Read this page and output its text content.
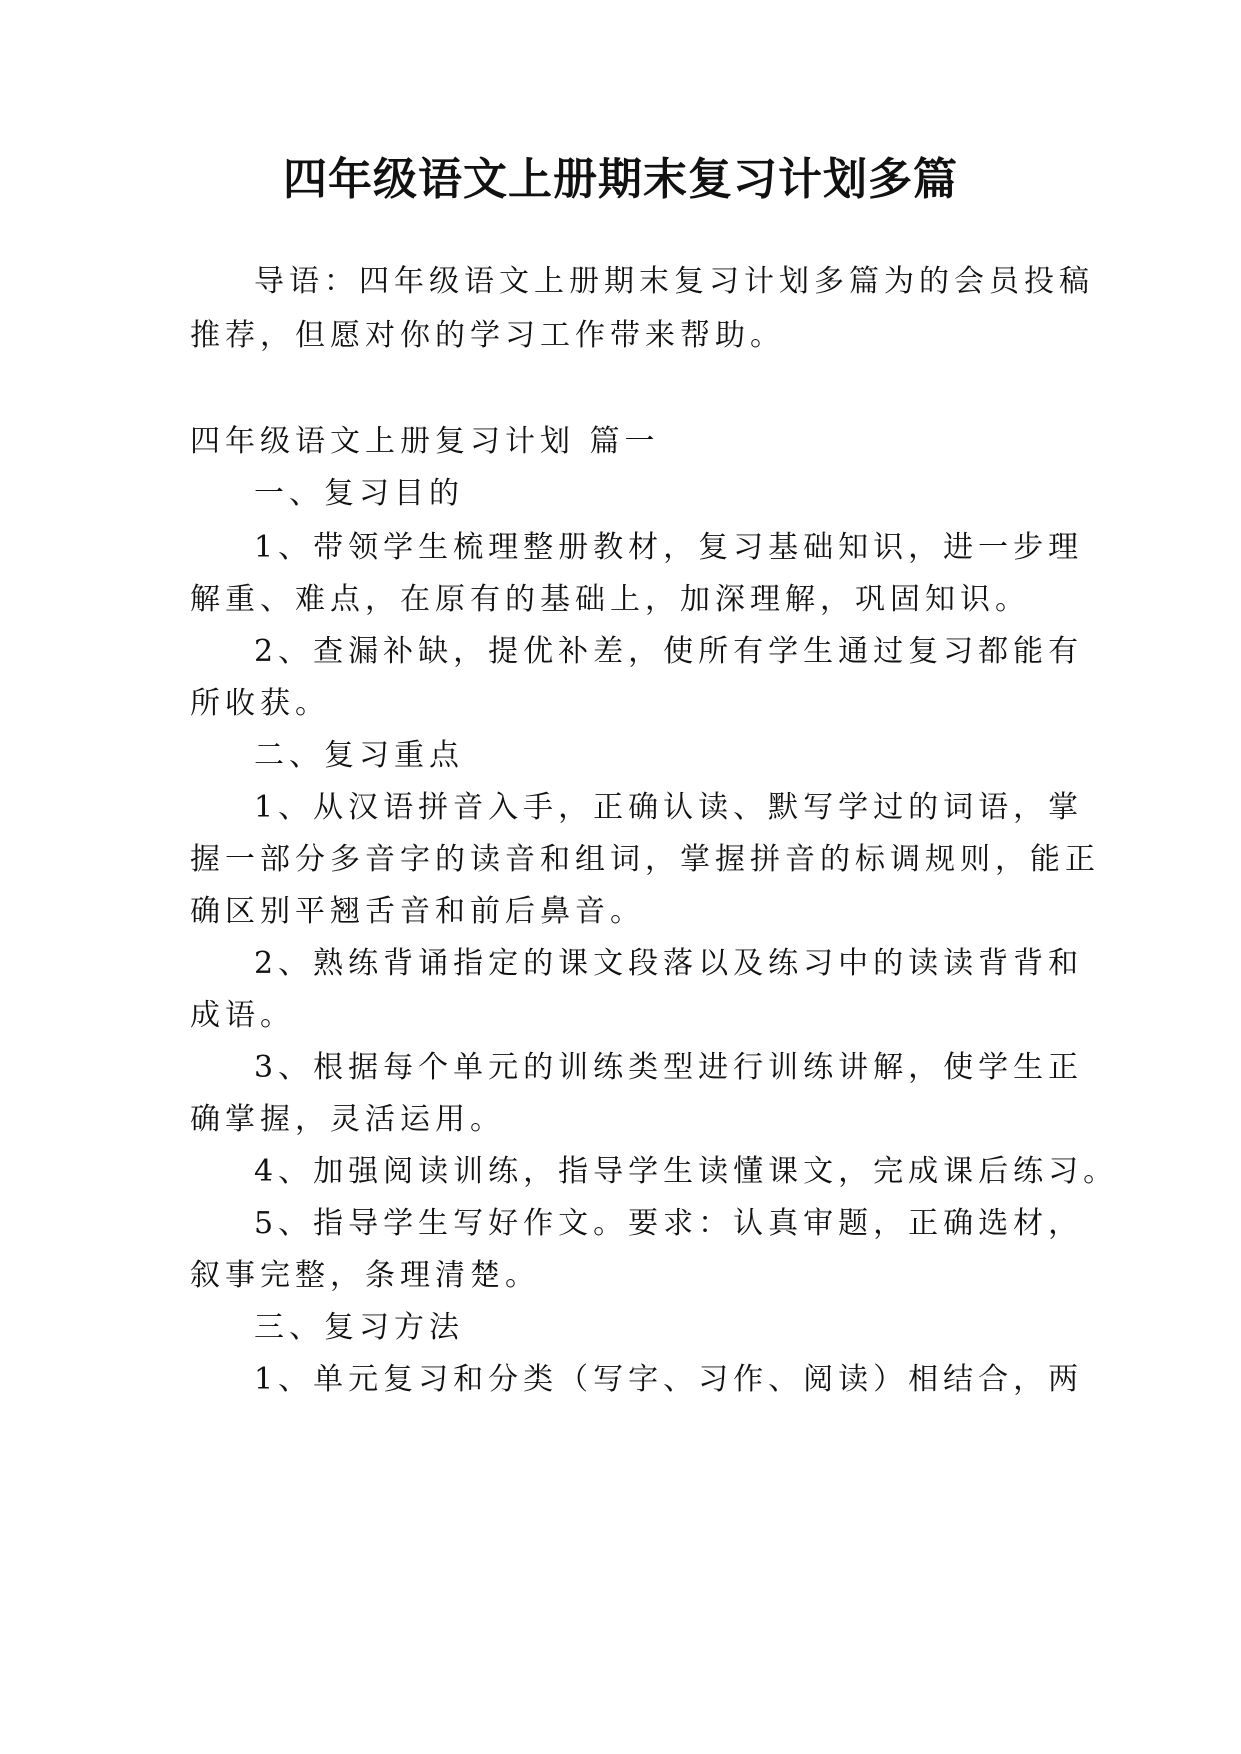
四年级语文上册期末复习计划多篇
导语：四年级语文上册期末复习计划多篇为的会员投稿
推荐，但愿对你的学习工作带来帮助。
四年级语文上册复习计划 篇一
一、复习目的
1、带领学生梳理整册教材，复习基础知识，进一步理
解重、难点，在原有的基础上，加深理解，巩固知识。
2、查漏补缺，提优补差，使所有学生通过复习都能有
所收获。
二、复习重点
1、从汉语拼音入手，正确认读、默写学过的词语，掌
握一部分多音字的读音和组词，掌握拼音的标调规则，能正
确区别平翘舌音和前后鼻音。
2、熟练背诵指定的课文段落以及练习中的读读背背和
成语。
3、根据每个单元的训练类型进行训练讲解，使学生正
确掌握，灵活运用。
4、加强阅读训练，指导学生读懂课文，完成课后练习。
5、指导学生写好作文。要求：认真审题，正确选材，
叙事完整，条理清楚。
三、复习方法
1、单元复习和分类（写字、习作、阅读）相结合，两
